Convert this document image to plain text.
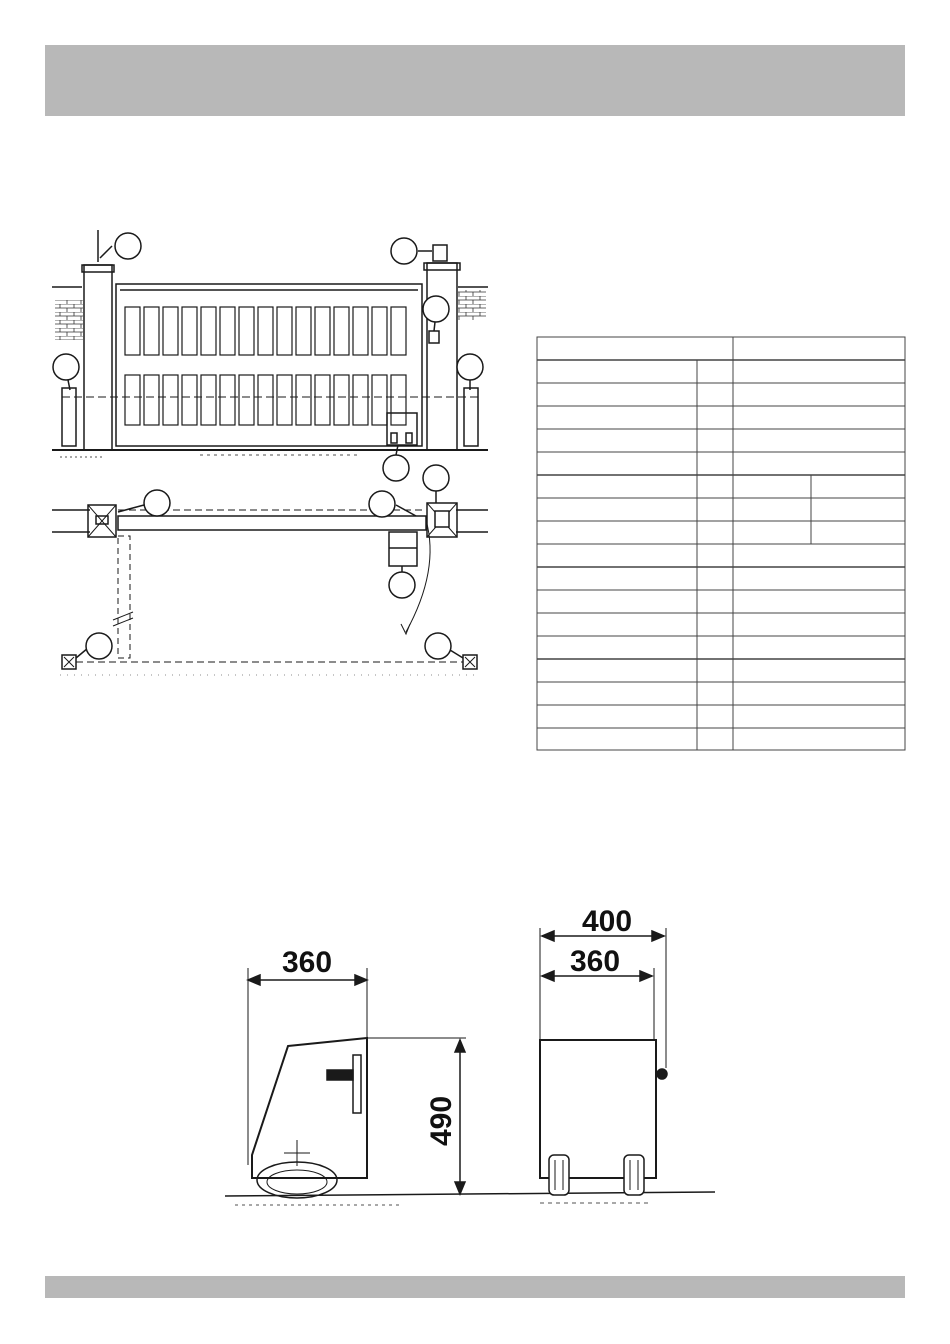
360
490
400
360
